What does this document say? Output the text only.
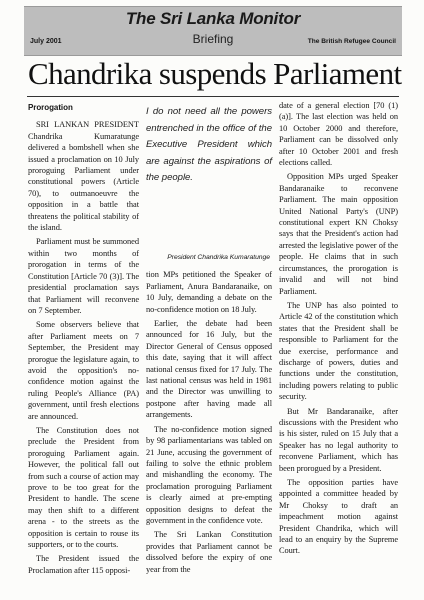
The Sri Lanka Monitor
July 2001	Briefing	The British Refugee Council
Chandrika suspends Parliament
Prorogation

SRI LANKAN PRESIDENT Chandrika Kumaratunge delivered a bombshell when she issued a proclamation on 10 July proroguing Parliament under constitutional powers (Article 70), to outmanoeuvre the opposition in a battle that threatens the political stability of the island.

Parliament must be summoned within two months of prorogation in terms of the Constitution [Article 70 (3)]. The presidential proclamation says that Parliament will reconvene on 7 September.

Some observers believe that after Parliament meets on 7 September, the President may prorogue the legislature again, to avoid the opposition's no-confidence motion against the ruling People's Alliance (PA) government, until fresh elections are announced.

The Constitution does not preclude the President from proroguing Parliament again. However, the political fall out from such a course of action may prove to be too great for the President to handle. The scene may then shift to a different arena - to the streets as the opposition is certain to rouse its supporters, or to the courts.

The President issued the Proclamation after 115 opposi-

I do not need all the powers entrenched in the office of the Executive President which are against the aspirations of the people.
President Chandrika Kumaratunge

tion MPs petitioned the Speaker of Parliament, Anura Bandaranaike, on 10 July, demanding a debate on the no-confidence motion on 18 July.

Earlier, the debate had been announced for 16 July, but the Director General of Census opposed this date, saying that it will affect national census fixed for 17 July. The last national census was held in 1981 and the Director was unwilling to postpone after having made all arrangements.

The no-confidence motion signed by 98 parliamentarians was tabled on 21 June, accusing the government of failing to solve the ethnic problem and mishandling the economy. The proclamation proroguing Parliament is clearly aimed at pre-empting opposition designs to defeat the government in the confidence vote.

The Sri Lankan Constitution provides that Parliament cannot be dissolved before the expiry of one year from the

date of a general election [70 (1) (a)]. The last election was held on 10 October 2000 and therefore, Parliament can be dissolved only after 10 October 2001 and fresh elections called.

Opposition MPs urged Speaker Bandaranaike to reconvene Parliament. The main opposition United National Party's (UNP) constitutional expert KN Choksy says that the President's action had arrested the legislative power of the people. He claims that in such circumstances, the prorogation is invalid and will not bind Parliament.

The UNP has also pointed to Article 42 of the constitution which states that the President shall be responsible to Parliament for the due exercise, performance and discharge of powers, duties and functions under the constitution, including powers relating to public security.

But Mr Bandaranaike, after discussions with the President who is his sister, ruled on 15 July that a Speaker has no legal authority to reconvene Parliament, which has been prorogued by a President.

The opposition parties have appointed a committee headed by Mr Choksy to draft an impeachment motion against President Chandrika, which will lead to an enquiry by the Supreme Court.
